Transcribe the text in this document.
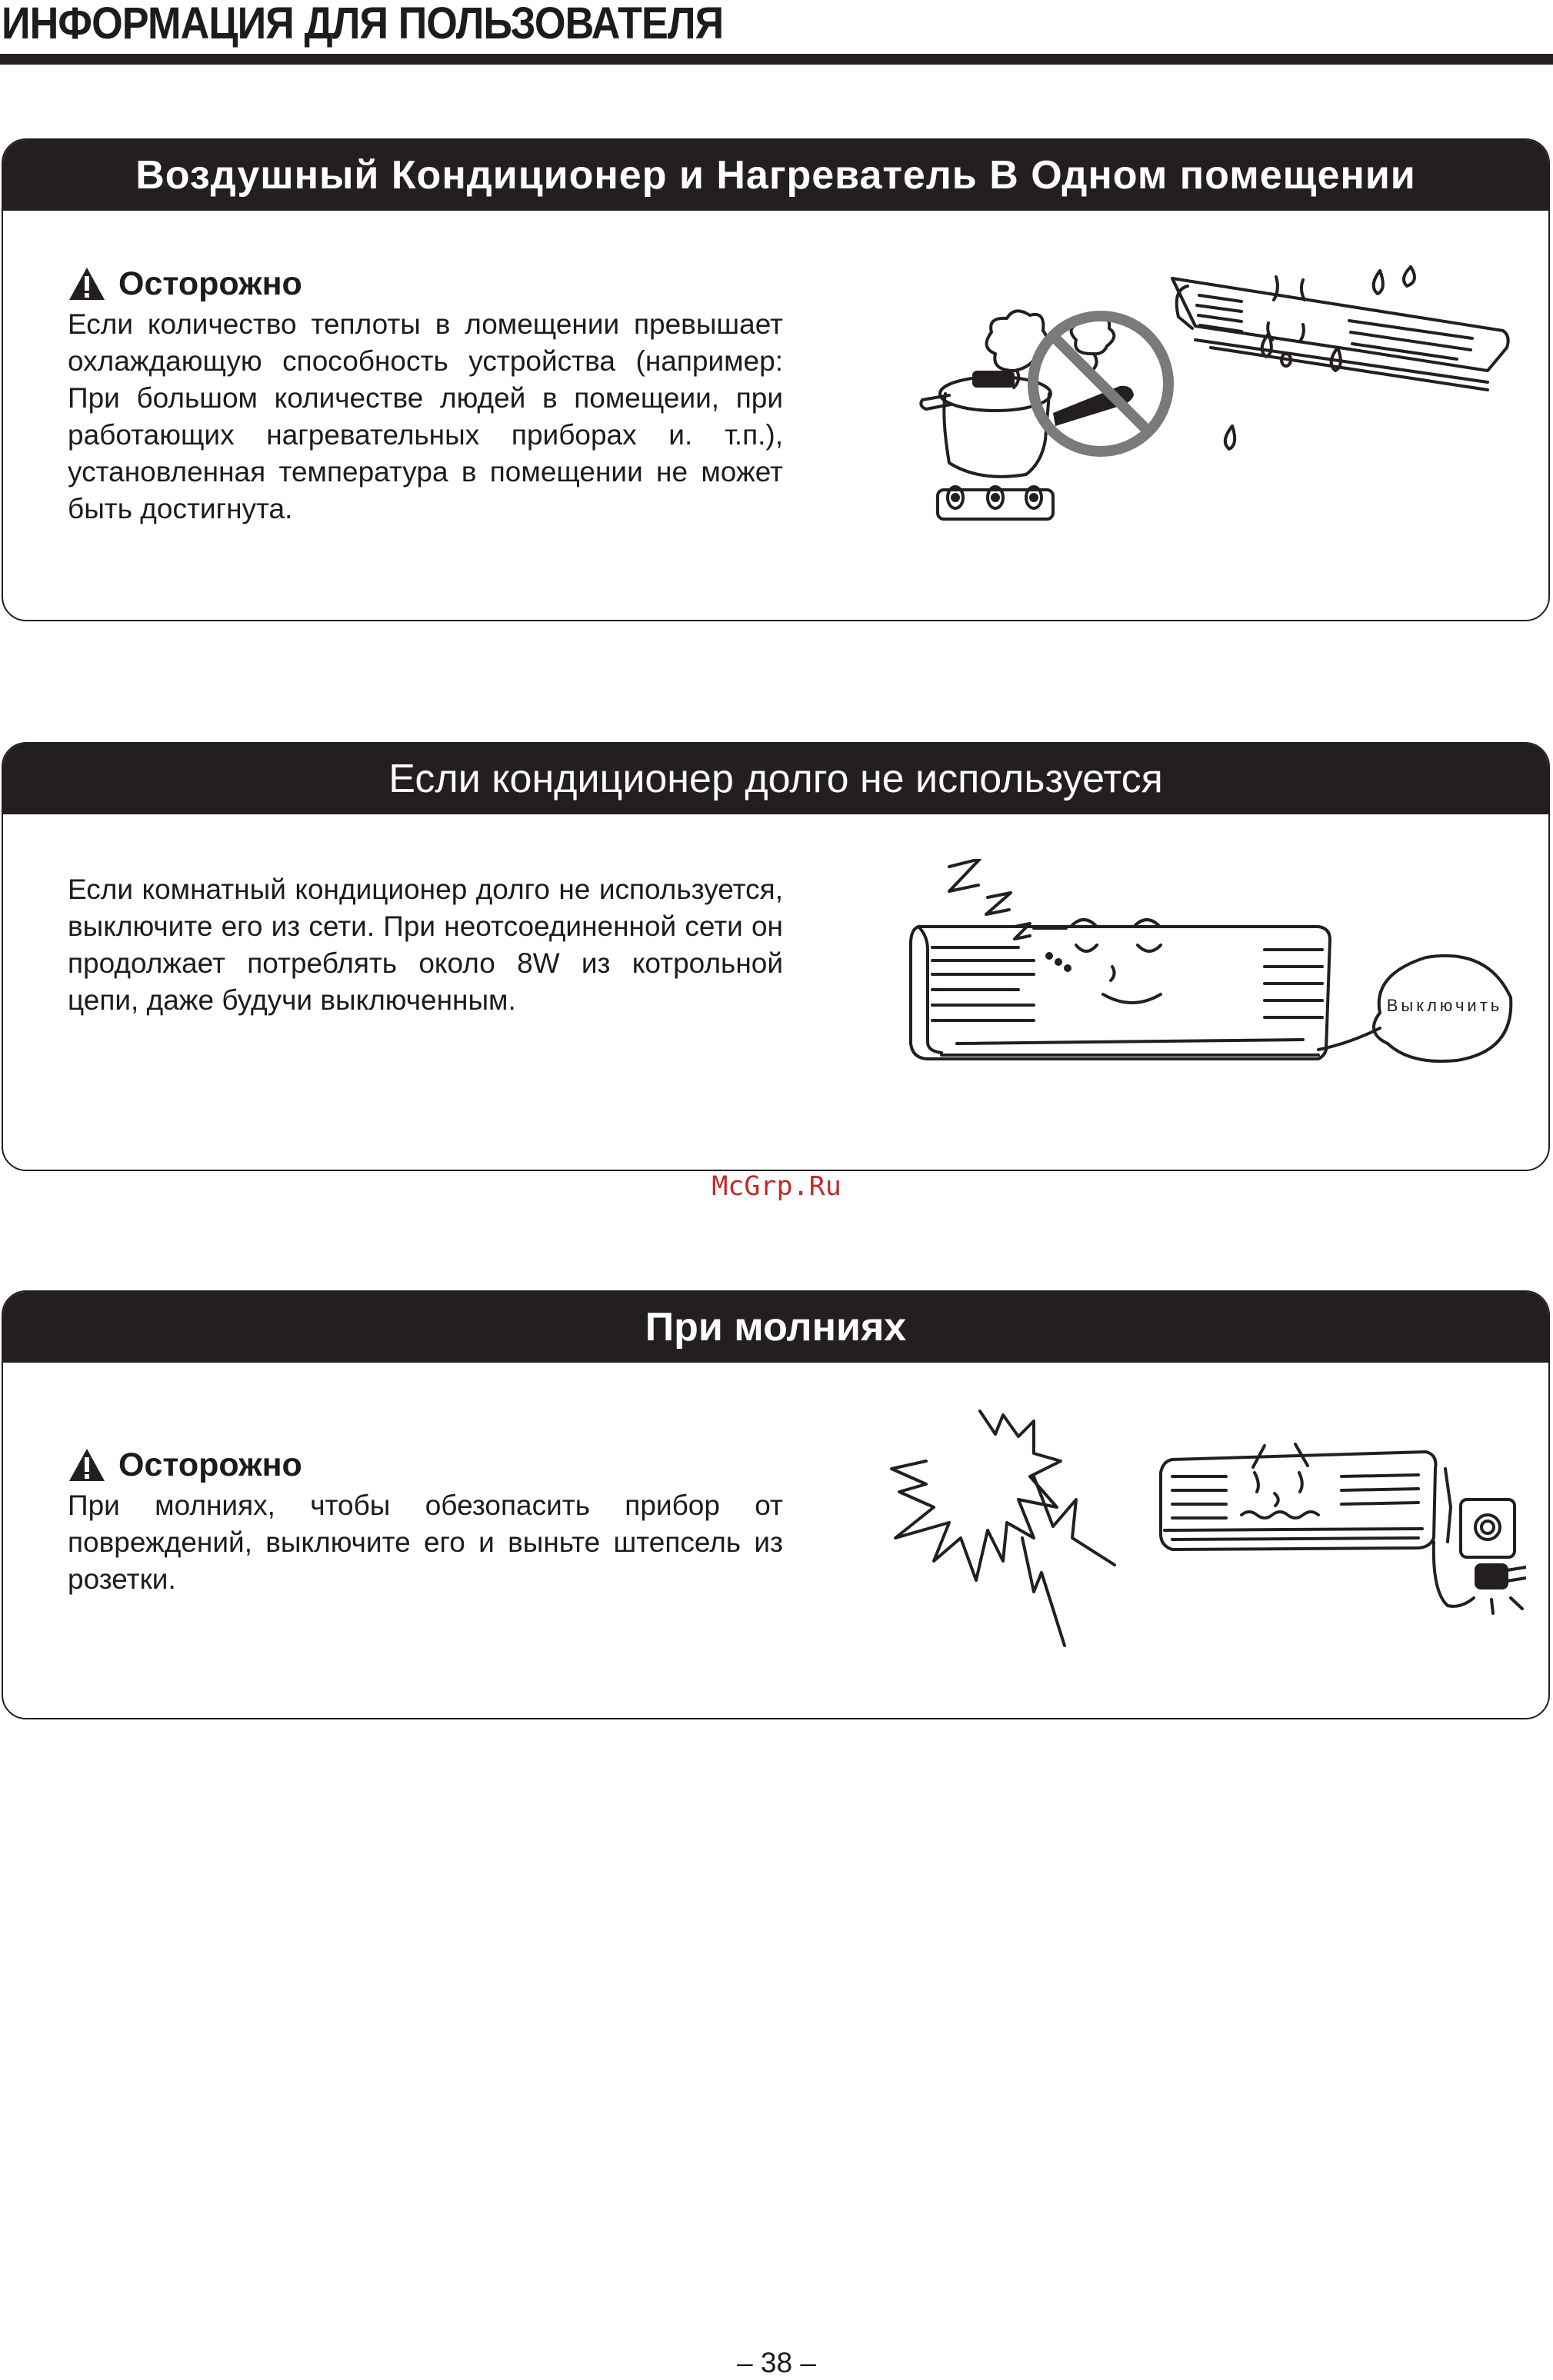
ИНФОРМАЦИЯ ДЛЯ ПОЛЬЗОВАТЕЛЯ
Воздушный Кондиционер и Нагреватель В Одном помещении
Осторожно

Если количество теплоты в ломещении превышает охлаждающую способность устройства (например: При большом количестве людей в помещеии, при работающих нагревательных приборах и. т.п.), установленная температура в помещении не может быть достигнута.

Если кондиционер долго не используется

Если комнатный кондиционер долго не используется, выключите его из сети. При неотсоединенной сети он продолжает потреблять около 8W из котрольной цепи, даже будучи выключенным.	Выключить
McGrp.Ru
При молниях
Осторожно

При молниях, чтобы обезопасить прибор от повреждений, выключите его и выньте штепсель из розетки.

– 38 –
